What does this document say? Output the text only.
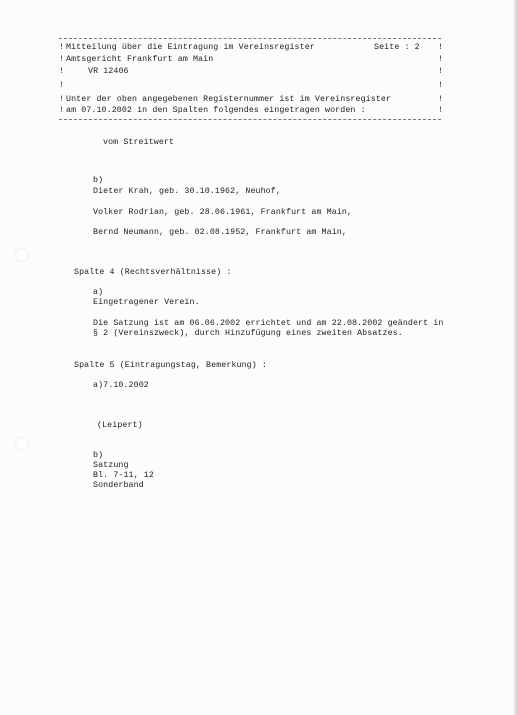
! Mitteilung über die Eintragung im Vereinsregister	Seite : 2 !
! Amtsgericht Frankfurt am Main	!
!	VR 12406	!
!	!
! Unter der oben angegebenen Registernummer ist im Vereinsregister	!
! am 07.10.2002 in den Spalten folgendes eingetragen worden :	!
vom Streitwert
b)
Dieter Krah, geb. 30.10.1962, Neuhof,
Volker Rodrian, geb. 28.06.1961, Frankfurt am Main,
Bernd Neumann, geb. 02.08.1952, Frankfurt am Main,
Spalte 4 (Rechtsverhältnisse) :
a)
Eingetragener Verein.
Die Satzung ist am 06.06.2002 errichtet und am 22.08.2002 geändert in
§ 2 (Vereinszweck), durch Hinzufügung eines zweiten Absatzes.
Spalte 5 (Eintragungstag, Bemerkung) :
a)7.10.2002
(Leipert)
b)
Satzung
Bl. 7-11, 12
Sonderband
